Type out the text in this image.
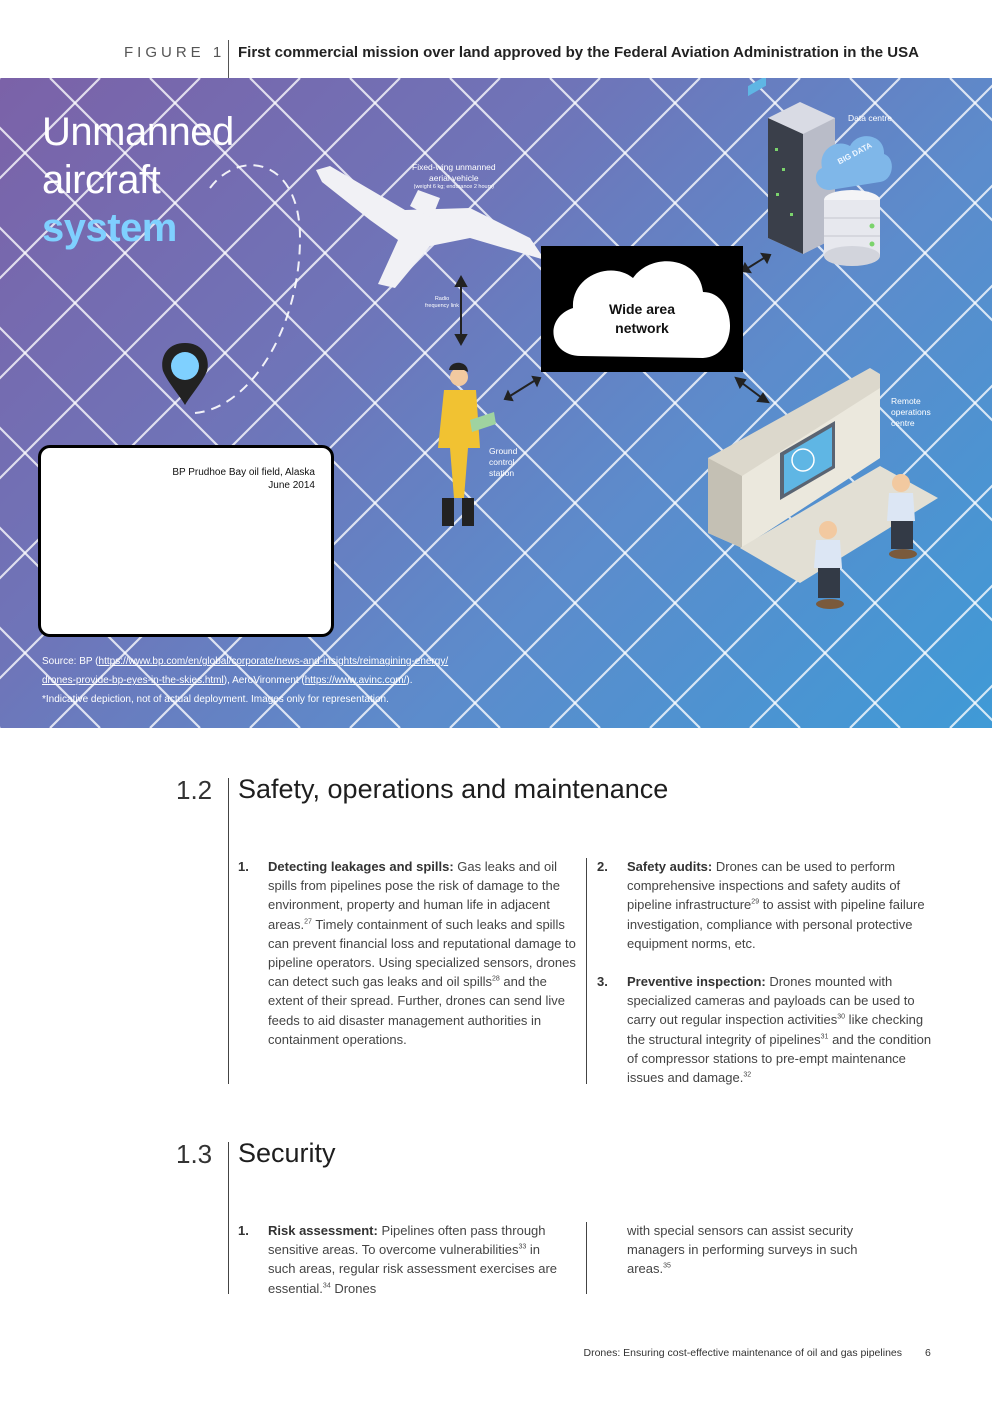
FIGURE 1 First commercial mission over land approved by the Federal Aviation Administration in the USA
Unmanned
aircraft
system
Fixed-wing unmanned
aerial vehicle
(weight 6 kg; endurance 2 hours)
Data centre
BIG DATA
Radio frequency link	Wide area
network
Ground
control
station
Remote
operations
centre
BP Prudhoe Bay oil field, Alaska
June 2014
Source: BP (https://www.bp.com/en/global/corporate/news-and-insights/reimagining-energy/
drones-provide-bp-eyes-in-the-skies.html), AeroVironment (https://www.avinc.com/).
*Indicative depiction, not of actual deployment. Images only for representation.
1.2 Safety, operations and maintenance
1. Detecting leakages and spills: Gas leaks and oil spills from pipelines pose the risk of damage to the environment, property and human life in adjacent areas.$^{27}$ Timely containment of such leaks and spills can prevent financial loss and reputational damage to pipeline operators. Using specialized sensors, drones can detect such gas leaks and oil spills$^{28}$ and the extent of their spread. Further, drones can send live feeds to aid disaster management authorities in containment operations.
2. Safety audits: Drones can be used to perform comprehensive inspections and safety audits of pipeline infrastructure$^{29}$ to assist with pipeline failure investigation, compliance with personal protective equipment norms, etc.
3. Preventive inspection: Drones mounted with specialized cameras and payloads can be used to carry out regular inspection activities$^{30}$ like checking the structural integrity of pipelines$^{31}$ and the condition of compressor stations to pre-empt maintenance issues and damage.$^{32}$
1.3 Security
1. Risk assessment: Pipelines often pass through sensitive areas. To overcome vulnerabilities$^{33}$ in such areas, regular risk assessment exercises are essential.$^{34}$ Drones
with special sensors can assist security managers in performing surveys in such areas.$^{35}$
Drones: Ensuring cost-effective maintenance of oil and gas pipelines 6
